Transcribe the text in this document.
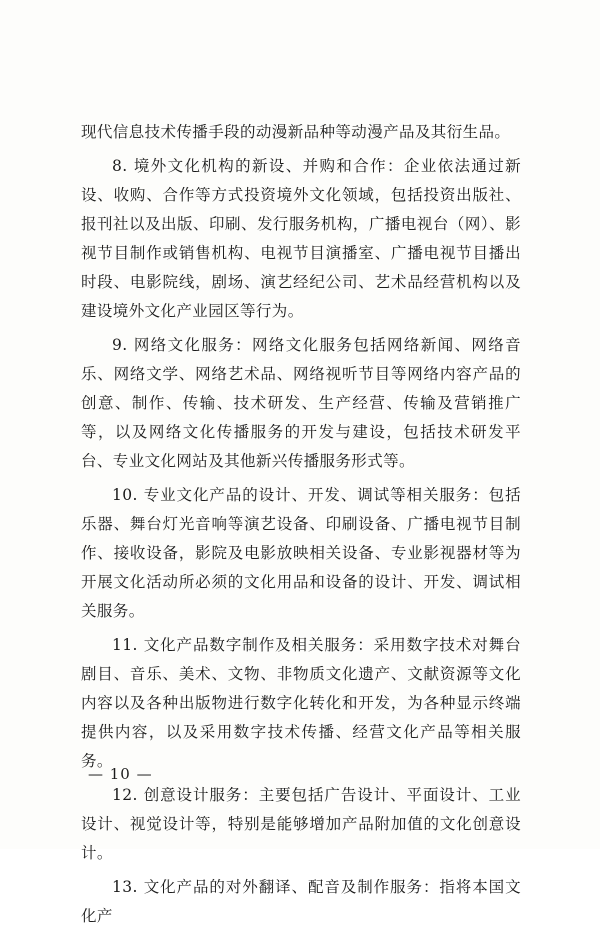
现代信息技术传播手段的动漫新品种等动漫产品及其衍生品。

8. 境外文化机构的新设、并购和合作：企业依法通过新设、收购、合作等方式投资境外文化领域，包括投资出版社、报刊社以及出版、印刷、发行服务机构，广播电视台（网）、影视节目制作或销售机构、电视节目演播室、广播电视节目播出时段、电影院线，剧场、演艺经纪公司、艺术品经营机构以及建设境外文化产业园区等行为。

9. 网络文化服务：网络文化服务包括网络新闻、网络音乐、网络文学、网络艺术品、网络视听节目等网络内容产品的创意、制作、传输、技术研发、生产经营、传输及营销推广等，以及网络文化传播服务的开发与建设，包括技术研发平台、专业文化网站及其他新兴传播服务形式等。

10. 专业文化产品的设计、开发、调试等相关服务：包括乐器、舞台灯光音响等演艺设备、印刷设备、广播电视节目制作、接收设备，影院及电影放映相关设备、专业影视器材等为开展文化活动所必须的文化用品和设备的设计、开发、调试相关服务。

11. 文化产品数字制作及相关服务：采用数字技术对舞台剧目、音乐、美术、文物、非物质文化遗产、文献资源等文化内容以及各种出版物进行数字化转化和开发，为各种显示终端提供内容，以及采用数字技术传播、经营文化产品等相关服务。

12. 创意设计服务：主要包括广告设计、平面设计、工业设计、视觉设计等，特别是能够增加产品附加值的文化创意设计。

13. 文化产品的对外翻译、配音及制作服务：指将本国文化产

— 10 —
